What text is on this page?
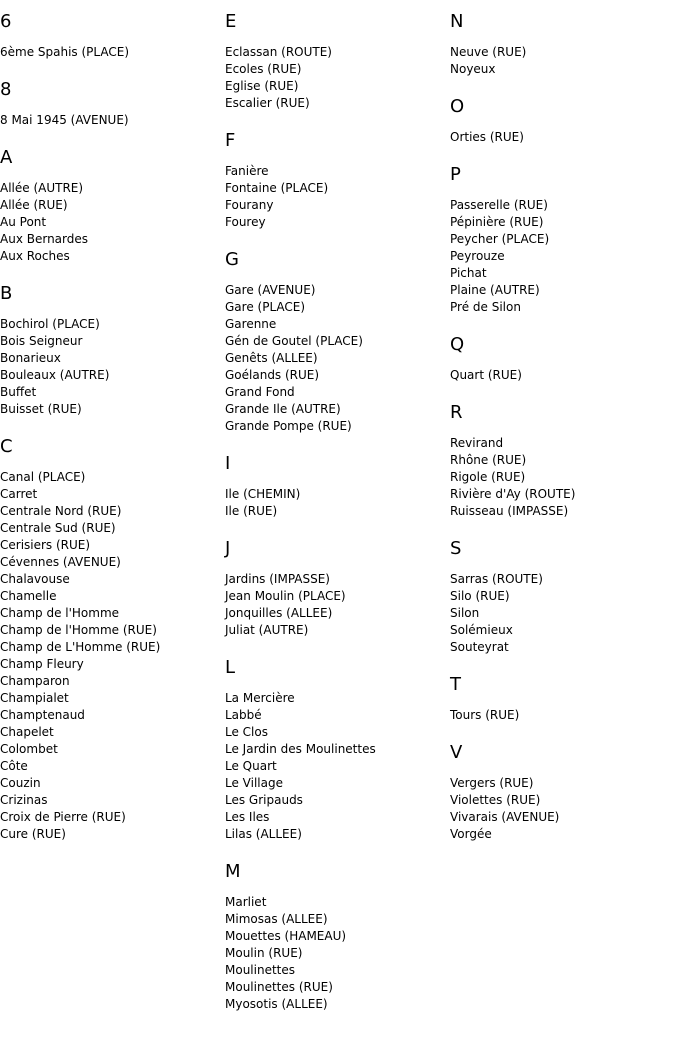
6
6ème Spahis (PLACE)
8
8 Mai 1945 (AVENUE)
A
Allée (AUTRE)
Allée (RUE)
Au Pont
Aux Bernardes
Aux Roches
B
Bochirol (PLACE)
Bois Seigneur
Bonarieux
Bouleaux (AUTRE)
Buffet
Buisset (RUE)
C
Canal (PLACE)
Carret
Centrale Nord (RUE)
Centrale Sud (RUE)
Cerisiers (RUE)
Cévennes (AVENUE)
Chalavouse
Chamelle
Champ de l'Homme
Champ de l'Homme (RUE)
Champ de L'Homme (RUE)
Champ Fleury
Champaron
Champialet
Champtenaud
Chapelet
Colombet
Côte
Couzin
Crizinas
Croix de Pierre (RUE)
Cure (RUE)
E
Eclassan (ROUTE)
Ecoles (RUE)
Eglise (RUE)
Escalier (RUE)
F
Fanière
Fontaine (PLACE)
Fourany
Fourey
G
Gare (AVENUE)
Gare (PLACE)
Garenne
Gén de Goutel (PLACE)
Genêts (ALLEE)
Goélands (RUE)
Grand Fond
Grande Ile (AUTRE)
Grande Pompe (RUE)
I
Ile (CHEMIN)
Ile (RUE)
J
Jardins (IMPASSE)
Jean Moulin (PLACE)
Jonquilles (ALLEE)
Juliat (AUTRE)
L
La Mercière
Labbé
Le Clos
Le Jardin des Moulinettes
Le Quart
Le Village
Les Gripauds
Les Iles
Lilas (ALLEE)
M
Marliet
Mimosas (ALLEE)
Mouettes (HAMEAU)
Moulin (RUE)
Moulinettes
Moulinettes (RUE)
Myosotis (ALLEE)
N
Neuve (RUE)
Noyeux
O
Orties (RUE)
P
Passerelle (RUE)
Pépinière (RUE)
Peycher (PLACE)
Peyrouze
Pichat
Plaine (AUTRE)
Pré de Silon
Q
Quart (RUE)
R
Revirand
Rhône (RUE)
Rigole (RUE)
Rivière d'Ay (ROUTE)
Ruisseau (IMPASSE)
S
Sarras (ROUTE)
Silo (RUE)
Silon
Solémieux
Souteyrat
T
Tours (RUE)
V
Vergers (RUE)
Violettes (RUE)
Vivarais (AVENUE)
Vorgée
